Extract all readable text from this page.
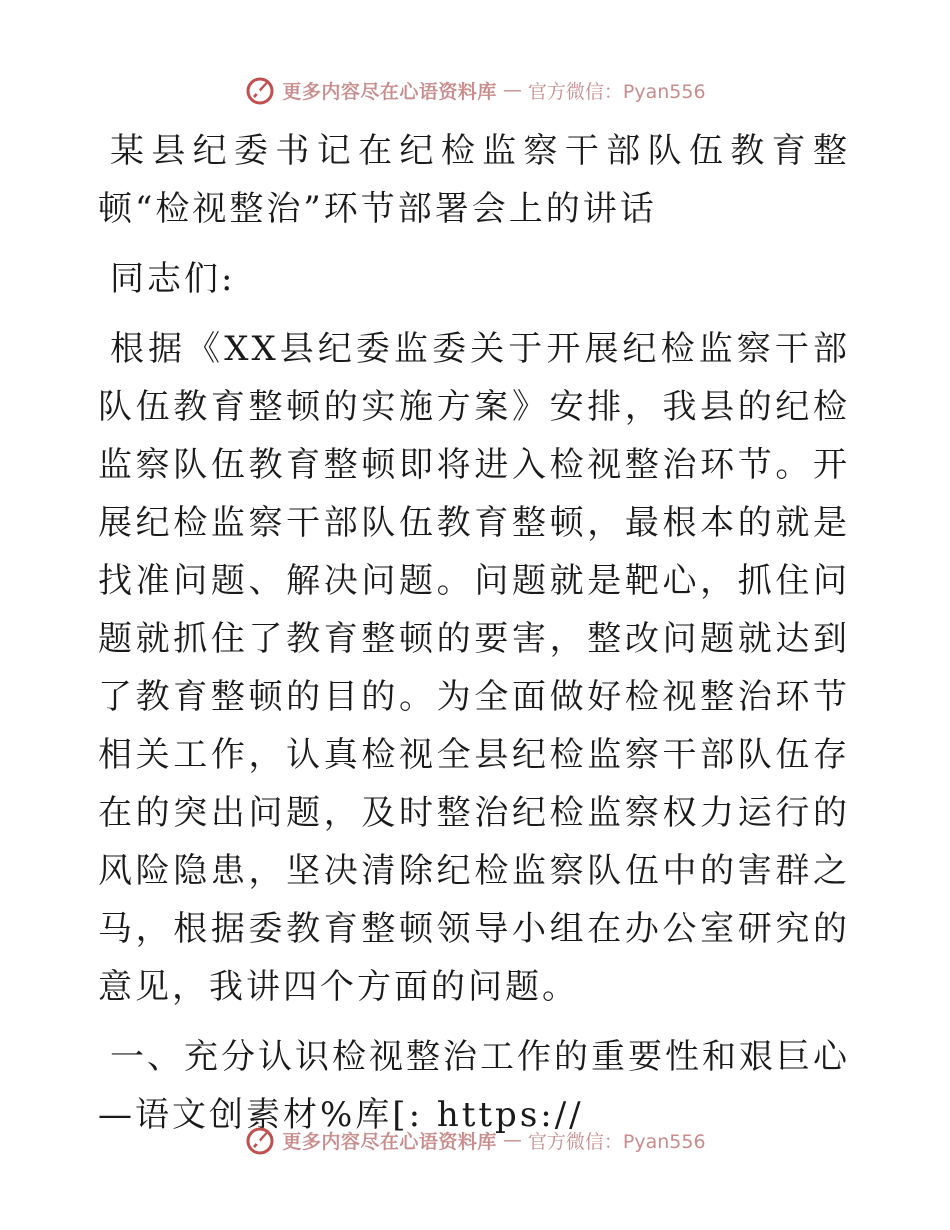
更多内容尽在心语资料库 — 官方微信：Pyan556

某县纪委书记在纪检监察干部队伍教育整顿“检视整治”环节部署会上的讲话

同志们:

根据《XX县纪委监委关于开展纪检监察干部队伍教育整顿的实施方案》安排，我县的纪检监察队伍教育整顿即将进入检视整治环节。开展纪检监察干部队伍教育整顿，最根本的就是找准问题、解决问题。问题就是靶心，抓住问题就抓住了教育整顿的要害，整改问题就达到了教育整顿的目的。为全面做好检视整治环节相关工作，认真检视全县纪检监察干部队伍存在的突出问题，及时整治纪检监察权力运行的风险隐患，坚决清除纪检监察队伍中的害群之马，根据委教育整顿领导小组在办公室研究的意见，我讲四个方面的问题。

一、充分认识检视整治工作的重要性和艰巨心—语文创素材%库[: https://

更多内容尽在心语资料库 — 官方微信：Pyan556
